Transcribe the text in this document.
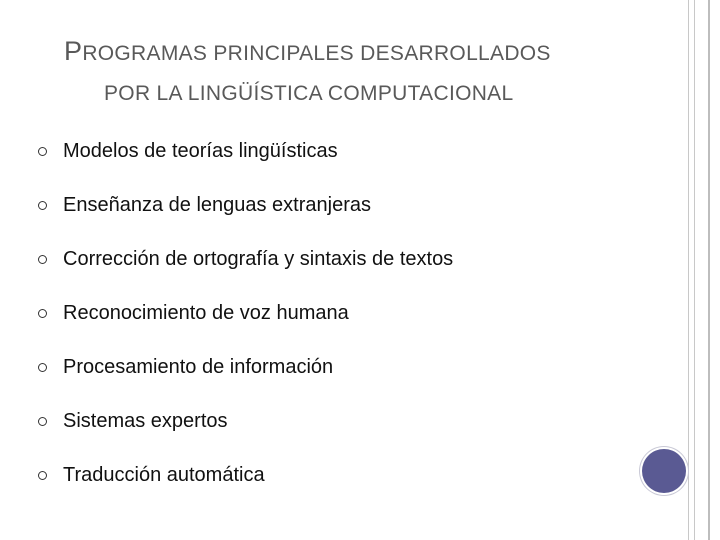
PROGRAMAS PRINCIPALES DESARROLLADOS
POR LA LINGÜÍSTICA COMPUTACIONAL
Modelos de teorías lingüísticas
Enseñanza de lenguas extranjeras
Corrección de ortografía y sintaxis de textos
Reconocimiento de voz humana
Procesamiento de información
Sistemas expertos
Traducción automática
